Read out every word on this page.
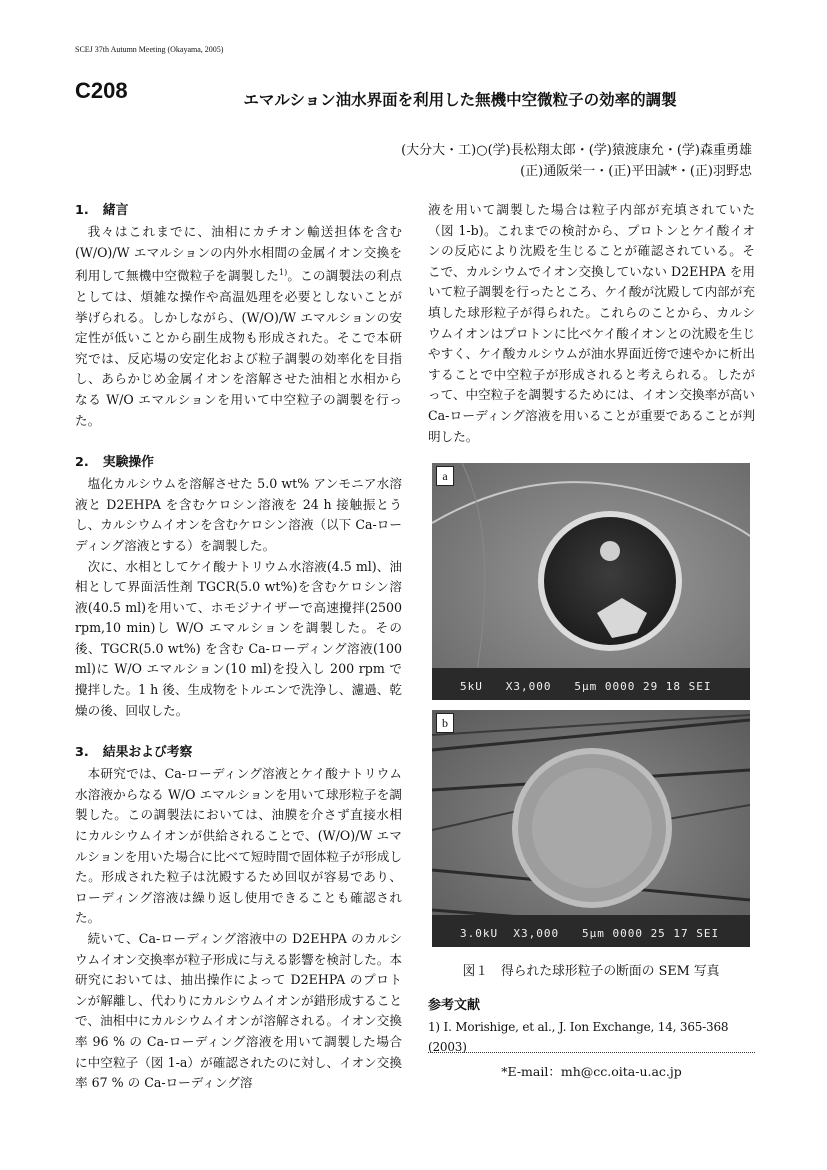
SCEJ 37th Autumn Meeting (Okayama, 2005)
C208	エマルション油水界面を利用した無機中空微粒子の効率的調製
(大分大・工)○(学)長松翔太郎・(学)猿渡康允・(学)森重勇雄
(正)通阪栄一・(正)平田誠*・(正)羽野忠
1. 緒言

我々はこれまでに、油相にカチオン輸送担体を含む (W/O)/W エマルションの内外水相間の金属イオン交換を利用して無機中空微粒子を調製した$^{1)}$。この調製法の利点としては、煩雑な操作や高温処理を必要としないことが挙げられる。しかしながら、(W/O)/W エマルションの安定性が低いことから副生成物も形成された。そこで本研究では、反応場の安定化および粒子調製の効率化を目指し、あらかじめ金属イオンを溶解させた油相と水相からなる W/O エマルションを用いて中空粒子の調製を行った。

2. 実験操作

塩化カルシウムを溶解させた 5.0 wt% アンモニア水溶液と D2EHPA を含むケロシン溶液を 24 h 接触振とうし、カルシウムイオンを含むケロシン溶液（以下 Ca-ローディング溶液とする）を調製した。

次に、水相としてケイ酸ナトリウム水溶液(4.5 ml)、油相として界面活性剤 TGCR(5.0 wt%)を含むケロシン溶液(40.5 ml)を用いて、ホモジナイザーで高速攪拌(2500 rpm,10 min)し W/O エマルションを調製した。その後、TGCR(5.0 wt%) を含む Ca-ローディング溶液(100 ml)に W/O エマルション(10 ml)を投入し 200 rpm で攪拌した。1 h 後、生成物をトルエンで洗浄し、濾過、乾燥の後、回収した。

3. 結果および考察

本研究では、Ca-ローディング溶液とケイ酸ナトリウム水溶液からなる W/O エマルションを用いて球形粒子を調製した。この調製法においては、油膜を介さず直接水相にカルシウムイオンが供給されることで、(W/O)/W エマルションを用いた場合に比べて短時間で固体粒子が形成した。形成された粒子は沈殿するため回収が容易であり、ローディング溶液は繰り返し使用できることも確認された。

続いて、Ca-ローディング溶液中の D2EHPA のカルシウムイオン交換率が粒子形成に与える影響を検討した。本研究においては、抽出操作によって D2EHPA のプロトンが解離し、代わりにカルシウムイオンが錯形成することで、油相中にカルシウムイオンが溶解される。イオン交換率 96 % の Ca-ローディング溶液を用いて調製した場合に中空粒子（図 1-a）が確認されたのに対し、イオン交換率 67 % の Ca-ローディング溶

液を用いて調製した場合は粒子内部が充填されていた（図 1-b)。これまでの検討から、プロトンとケイ酸イオンの反応により沈殿を生じることが確認されている。そこで、カルシウムでイオン交換していない D2EHPA を用いて粒子調製を行ったところ、ケイ酸が沈殿して内部が充填した球形粒子が得られた。これらのことから、カルシウムイオンはプロトンに比べケイ酸イオンとの沈殿を生じやすく、ケイ酸カルシウムが油水界面近傍で速やかに析出することで中空粒子が形成されると考えられる。したがって、中空粒子を調製するためには、イオン交換率が高い Ca-ローディング溶液を用いることが重要であることが判明した。

a
5kU   X3,000   5μm 0000 29 18 SEI
b
3.0kU  X3,000   5μm 0000 25 17 SEI
図１　得られた球形粒子の断面の SEM 写真
参考文献
1) I. Morishige, et al., J. Ion Exchange, 14, 365-368 (2003)
*E-mail：mh@cc.oita-u.ac.jp
